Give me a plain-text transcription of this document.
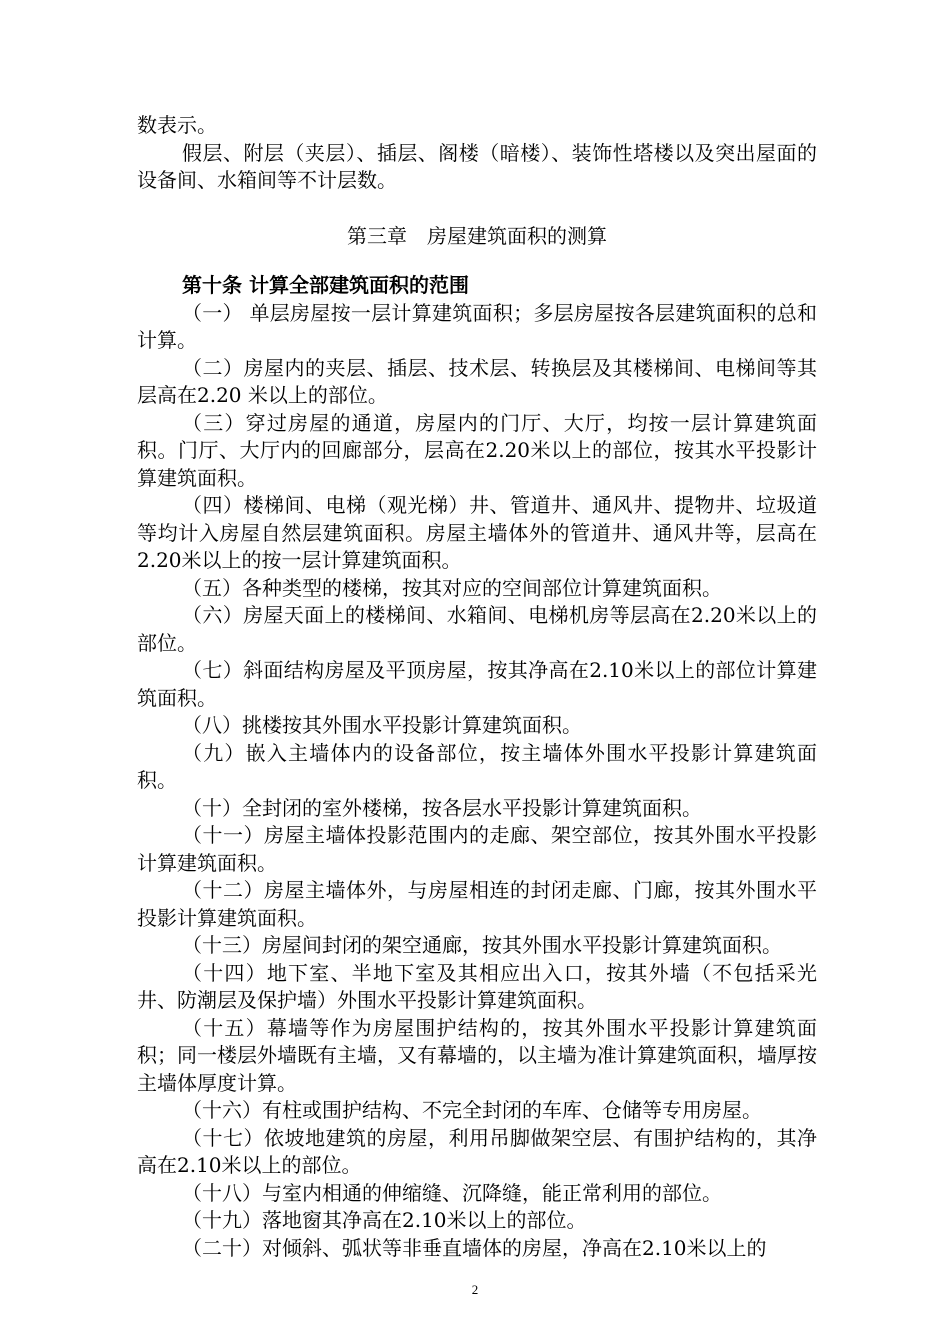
数表示。

假层、附层（夹层）、插层、阁楼（暗楼）、装饰性塔楼以及突出屋面的设备间、水箱间等不计层数。

第三章　房屋建筑面积的测算

第十条 计算全部建筑面积的范围

（一） 单层房屋按一层计算建筑面积；多层房屋按各层建筑面积的总和计算。

（二）房屋内的夹层、插层、技术层、转换层及其楼梯间、电梯间等其层高在2.20 米以上的部位。

（三）穿过房屋的通道，房屋内的门厅、大厅，均按一层计算建筑面积。门厅、大厅内的回廊部分，层高在2.20米以上的部位，按其水平投影计算建筑面积。

（四）楼梯间、电梯（观光梯）井、管道井、通风井、提物井、垃圾道等均计入房屋自然层建筑面积。房屋主墙体外的管道井、通风井等，层高在2.20米以上的按一层计算建筑面积。

（五）各种类型的楼梯，按其对应的空间部位计算建筑面积。

（六）房屋天面上的楼梯间、水箱间、电梯机房等层高在2.20米以上的部位。

（七）斜面结构房屋及平顶房屋，按其净高在2.10米以上的部位计算建筑面积。

（八）挑楼按其外围水平投影计算建筑面积。

（九）嵌入主墙体内的设备部位，按主墙体外围水平投影计算建筑面积。

（十）全封闭的室外楼梯，按各层水平投影计算建筑面积。

（十一）房屋主墙体投影范围内的走廊、架空部位，按其外围水平投影计算建筑面积。

（十二）房屋主墙体外，与房屋相连的封闭走廊、门廊，按其外围水平投影计算建筑面积。

（十三）房屋间封闭的架空通廊，按其外围水平投影计算建筑面积。

（十四）地下室、半地下室及其相应出入口，按其外墙（不包括采光井、防潮层及保护墙）外围水平投影计算建筑面积。

（十五）幕墙等作为房屋围护结构的，按其外围水平投影计算建筑面积；同一楼层外墙既有主墙，又有幕墙的，以主墙为准计算建筑面积，墙厚按主墙体厚度计算。

（十六）有柱或围护结构、不完全封闭的车库、仓储等专用房屋。

（十七）依坡地建筑的房屋，利用吊脚做架空层、有围护结构的，其净高在2.10米以上的部位。

（十八）与室内相通的伸缩缝、沉降缝，能正常利用的部位。

（十九）落地窗其净高在2.10米以上的部位。

（二十）对倾斜、弧状等非垂直墙体的房屋，净高在2.10米以上的

2
